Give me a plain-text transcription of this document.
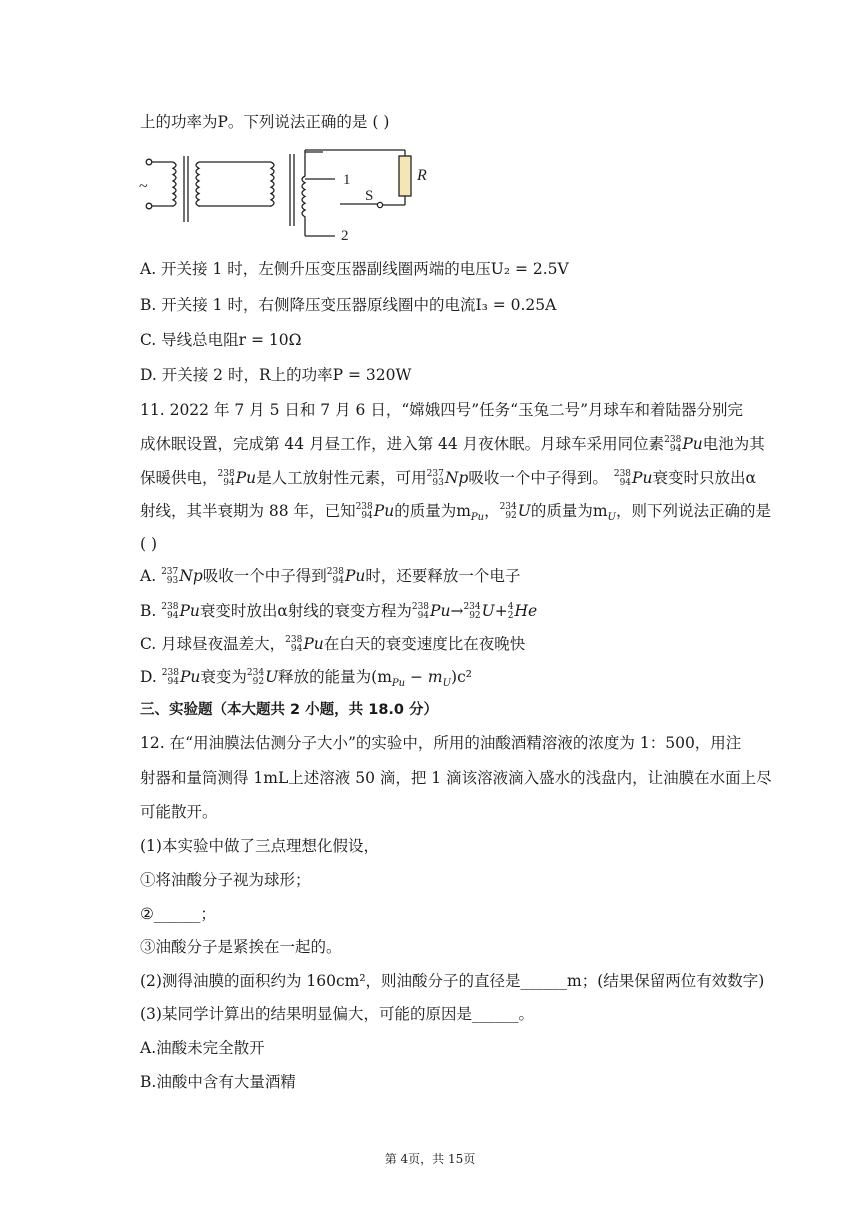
上的功率为P。下列说法正确的是 ( )
~	1
2
S
R
A. 开关接 1 时，左侧升压变压器副线圈两端的电压U₂ = 2.5V
B. 开关接 1 时，右侧降压变压器原线圈中的电流I₃ = 0.25A
C. 导线总电阻r = 10Ω
D. 开关接 2 时，R上的功率P = 320W
11. 2022 年 7 月 5 日和 7 月 6 日，“嫦娥四号”任务“玉兔二号”月球车和着陆器分别完
成休眠设置，完成第 44 月昼工作，进入第 44 月夜休眠。月球车采用同位素 238
94 Pu电池为其
保暖供电， 238
94 Pu是人工放射性元素，可用 237
93 Np吸收一个中子得到。 238
94 Pu衰变时只放出α
射线，其半衰期为 88 年，已知 238
94 Pu的质量为$m_{Pu}$， 234
92 U的质量为$m_U$，则下列说法正确的是
( )
A. 237
93 Np吸收一个中子得到 238
94 Pu时，还要释放一个电子
B. 238
94 Pu衰变时放出α射线的衰变方程为 238
94 Pu→ 234
92 U+ 4
2 He
C. 月球昼夜温差大， 238
94 Pu在白天的衰变速度比在夜晚快
D. 238
94 Pu衰变为 234
92 U释放的能量为$(m_{Pu} - m_U)c^2$
三、实验题（本大题共 2 小题，共 18.0 分）
12. 在“用油膜法估测分子大小”的实验中，所用的油酸酒精溶液的浓度为 1：500，用注
射器和量筒测得 1mL上述溶液 50 滴，把 1 滴该溶液滴入盛水的浅盘内，让油膜在水面上尽
可能散开。
(1)本实验中做了三点理想化假设，
①将油酸分子视为球形；
②______；
③油酸分子是紧挨在一起的。
(2)测得油膜的面积约为 160cm²，则油酸分子的直径是______m；(结果保留两位有效数字)
(3)某同学计算出的结果明显偏大，可能的原因是______。
A.油酸未完全散开
B.油酸中含有大量酒精
第 4页，共 15页
